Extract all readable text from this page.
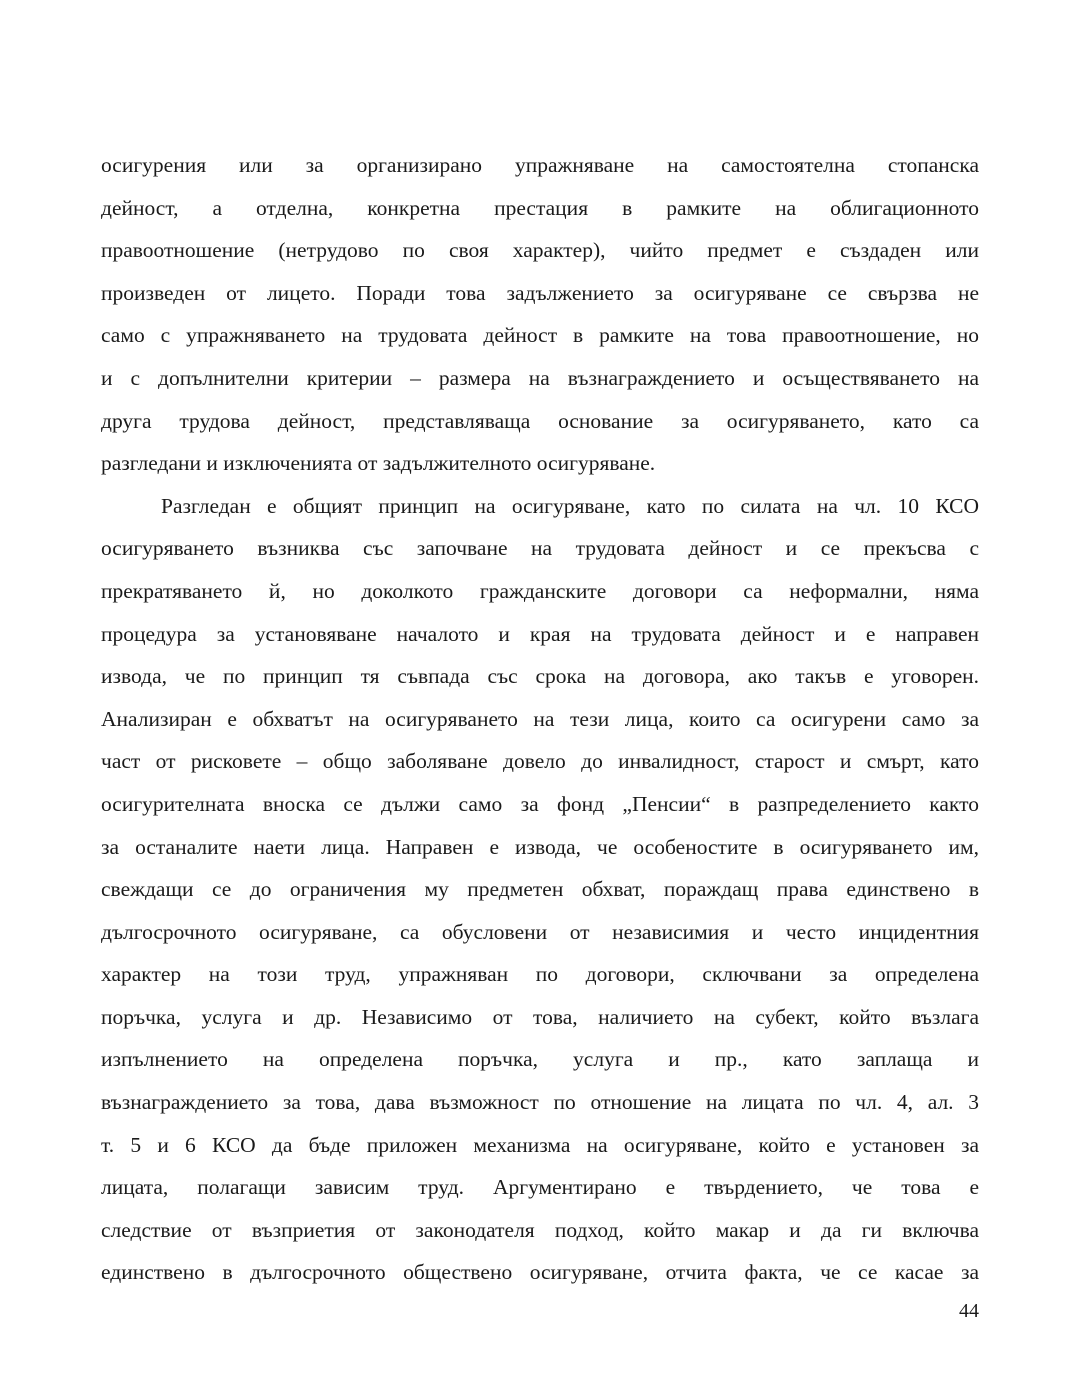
осигурения или за организирано упражняване на самостоятелна стопанска
дейност, а отделна, конкретна престация в рамките на облигационното
правоотношение (нетрудово по своя характер), чийто предмет е създаден или
произведен от лицето. Поради това задължението за осигуряване се свързва не
само с упражняването на трудовата дейност в рамките на това правоотношение, но
и с допълнителни критерии – размера на възнаграждението и осъществяването на
друга трудова дейност, представляваща основание за осигуряването, като са
разгледани и изключенията от задължителното осигуряване.
Разгледан е общият принцип на осигуряване, като по силата на чл. 10 КСО
осигуряването възниква със започване на трудовата дейност и се прекъсва с
прекратяването й, но доколкото гражданските договори са неформални, няма
процедура за установяване началото и края на трудовата дейност и е направен
извода, че по принцип тя съвпада със срока на договора, ако такъв е уговорен.
Анализиран е обхватът на осигуряването на тези лица, които са осигурени само за
част от рисковете – общо заболяване довело до инвалидност, старост и смърт, като
осигурителната вноска се дължи само за фонд „Пенсии“ в разпределението както
за останалите наети лица. Направен е извода, че особеностите в осигуряването им,
свеждащи се до ограничения му предметен обхват, пораждащ права единствено в
дългосрочното осигуряване, са обусловени от независимия и често инцидентния
характер на този труд, упражняван по договори, сключвани за определена
поръчка, услуга и др. Независимо от това, наличието на субект, който възлага
изпълнението на определена поръчка, услуга и пр., като заплаща и
възнаграждението за това, дава възможност по отношение на лицата по чл. 4, ал. 3
т. 5 и 6 КСО да бъде приложен механизма на осигуряване, който е установен за
лицата, полагащи зависим труд. Аргументирано е твърдението, че това е
следствие от възприетия от законодателя подход, който макар и да ги включва
единствено в дългосрочното обществено осигуряване, отчита факта, че се касае за
44
